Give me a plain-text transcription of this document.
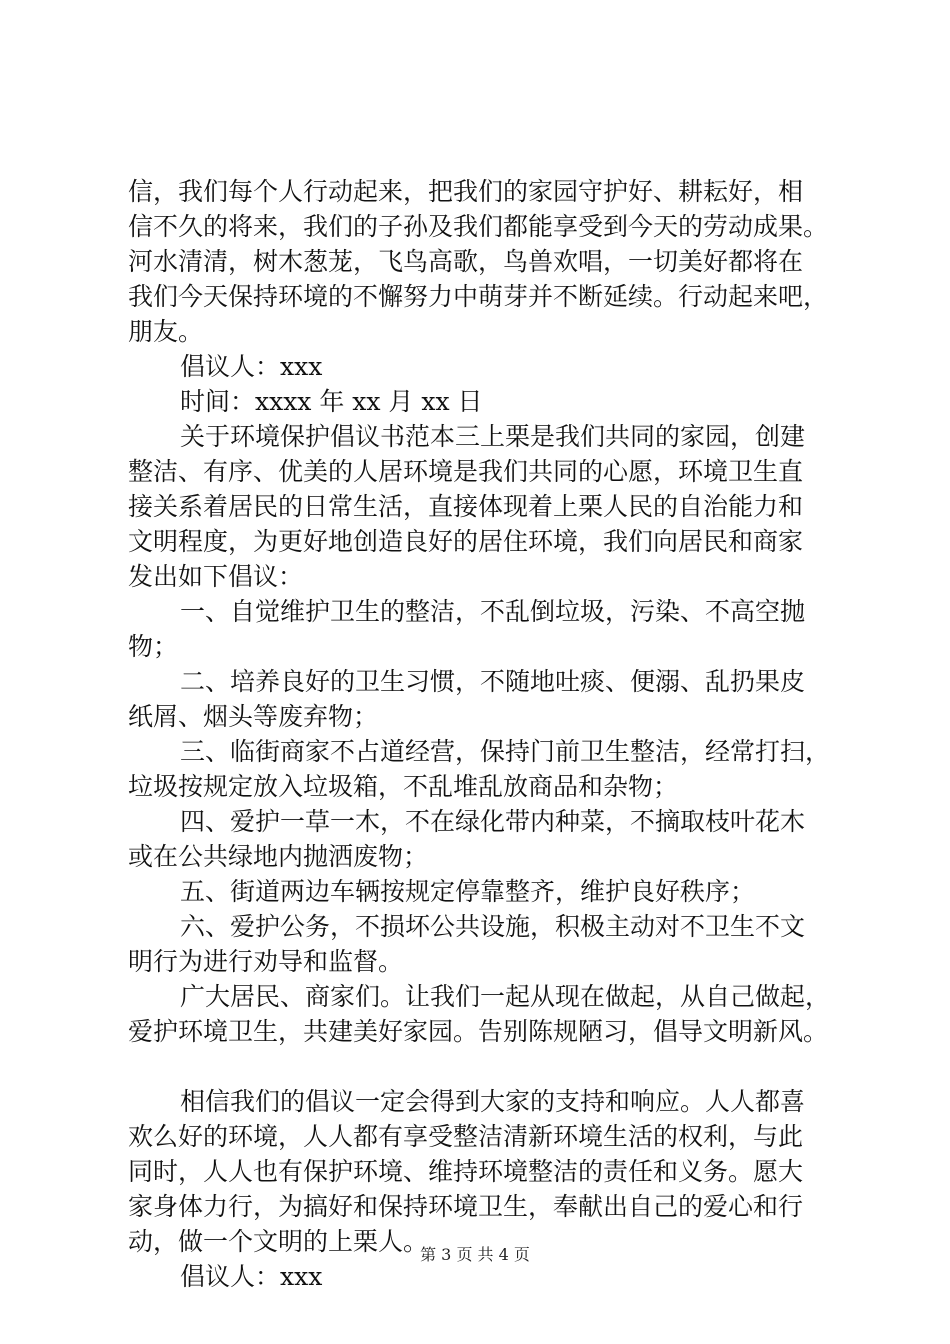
信，我们每个人行动起来，把我们的家园守护好、耕耘好，相
信不久的将来，我们的子孙及我们都能享受到今天的劳动成果。
河水清清，树木葱茏，飞鸟高歌，鸟兽欢唱，一切美好都将在
我们今天保持环境的不懈努力中萌芽并不断延续。行动起来吧，
朋友。
倡议人：xxx
时间：xxxx 年 xx 月 xx 日
关于环境保护倡议书范本三上栗是我们共同的家园，创建
整洁、有序、优美的人居环境是我们共同的心愿，环境卫生直
接关系着居民的日常生活，直接体现着上栗人民的自治能力和
文明程度，为更好地创造良好的居住环境，我们向居民和商家
发出如下倡议：
一、自觉维护卫生的整洁，不乱倒垃圾，污染、不高空抛
物；
二、培养良好的卫生习惯，不随地吐痰、便溺、乱扔果皮
纸屑、烟头等废弃物；
三、临街商家不占道经营，保持门前卫生整洁，经常打扫，
垃圾按规定放入垃圾箱，不乱堆乱放商品和杂物；
四、爱护一草一木，不在绿化带内种菜，不摘取枝叶花木
或在公共绿地内抛洒废物；
五、街道两边车辆按规定停靠整齐，维护良好秩序；
六、爱护公务，不损坏公共设施，积极主动对不卫生不文
明行为进行劝导和监督。
广大居民、商家们。让我们一起从现在做起，从自己做起，
爱护环境卫生，共建美好家园。告别陈规陋习，倡导文明新风。
相信我们的倡议一定会得到大家的支持和响应。人人都喜
欢么好的环境，人人都有享受整洁清新环境生活的权利，与此
同时，人人也有保护环境、维持环境整洁的责任和义务。愿大
家身体力行，为搞好和保持环境卫生，奉献出自己的爱心和行
动，做一个文明的上栗人。
倡议人：xxx
第 3 页 共 4 页
